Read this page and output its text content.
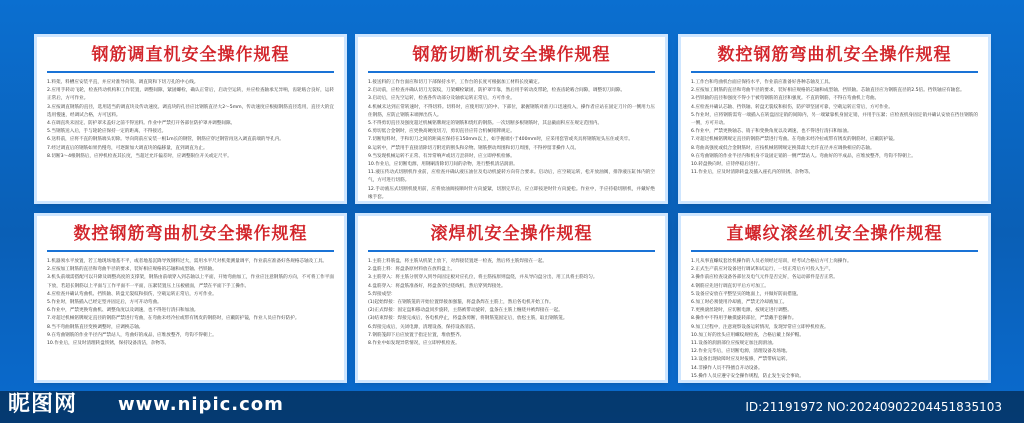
钢筋调直机安全操作规程

1.料架、料槽应安装平直，并应对准导向筒、调直筒和下切刀孔的中心线。

2.应用手转动飞轮，检查传动机构和工作装置，调整间隙，紧固螺栓，确认正常后，启动空运转，并应检查轴承无异响，齿轮啮合良好，运转正常后，方可作业。

3.应按调直钢筋的直径，选用适当的调直块及传动速度。调直块的孔径应比钢筋直径大2～5mm，传动速度应根据钢筋直径选用，直径大的宜选用慢速，经调试合格，方可送料。

4.在调直块未固定、防护罩未盖好之前不得送料。作业中严禁打开各部位防护罩并调整间隙。

5.当钢筋送入后，手与轮轮应保持一定的距离，不得接近。

6.送料前，应将不直的钢筋端头切除。导向筒前应安装一根1m长的钢管，钢筋应穿过钢管再送入调直前端的导孔内。

7.经过调直后的钢筋如果仍慢弯，可逐渐加大调直块的偏移量，直到调直为止。

8.切断3～4根钢筋后，应停机检查其长度，当超过允许偏差时，应调整限位开关或定尺平。

钢筋切断机安全操作规程

1.接送料的工作台面应和切刀下部保持水平，工作台的长度可根据加工材料长度确定。

2.启动前，应检查并确认切刀无裂纹，刀架螺栓紧固，防护罩牢靠，然后用手转动皮带轮，检查齿轮啮合间隙，调整切刀间隙。

3.启动后，应先空运转，检查各传动部分及轴承运转正常后，方可作业。

4.机械未达到正常转速时，不得切料。切料时，应使用切刀的中、下部位，紧握钢筋对准刃口迅速投入，操作者应站在固定刀片的一侧用力压住钢筋，应防止钢筋末端弹出伤人。

5.不得剪切直径及强度超过机械铭牌规定的钢筋和烧红的钢筋。一次切断多根钢筋时，其总截面积应在规定范围内。

6.剪切低合金钢时，应更换高硬度切刀，剪切直径应符合机械铭牌规定。

7.切断短料时，手和切刀之间的距离应保持在150mm以上，如手握端小于400mm时，应采用套管或夹具将钢筋短头压住或夹牢。

8.运转中，严禁用手直接清除切刀附近的断头和杂物。钢筋摆动周围和切刀周围，不得停留非操作人员。

9.当发现机械运转不正常、有异常响声或切刀歪斜时，应立即停机检修。

10.作业后，应切断电源，用钢刷清除切刀间的杂物，进行整机清洁润滑。

11.液压传动式切断机作业前，应检查并确认液压油位及电动机旋转方向符合要求。启动后，应空载运转，松开放油阀，排净液压缸体内的空气，方可进行切筋。

12.手动液压式切断机使用前，应将放油阀按顺时针方向旋紧，切割完毕后，应立即按逆时针方向旋松。作业中，手应持稳切断机，并戴好绝缘手套。

数控钢筋弯曲机安全操作规程

1.工作台和弯曲机台面应保持水平，作业前应准备好各种芯轴及工具。

2.应按加工钢筋的直径和弯曲半径的要求，装好相应规格的芯轴和成型轴、挡铁轴。芯轴直径应为钢筋直径的2.5倍。挡铁轴应有轴套。

3.挡铁轴的直径和强度不得小于被弯钢筋的直径和强度。不直的钢筋，不得在弯曲机上弯曲。

4.应检查并确认芯轴、挡铁轴、转盘无裂纹和损伤，防护罩坚固可靠，空载运转正常后，方可作业。

5.作业时，应将钢筋需弯一端插入在转盘固定销的间隙内，另一端紧靠机身固定销，并用手压紧；应检查机身固定销并确认安放在挡住钢筋的一侧，方可开动。

6.作业中，严禁更换轴芯、销子和变换角度以及调速，也不得进行清扫和加油。

7.对超过机械铭牌规定直径的钢筋严禁进行弯曲。在弯曲未经冷拉或带有锈皮的钢筋时，应戴防护镜。

8.弯曲高强度或低合金钢筋时，应按机械铭牌规定换算最大允许直径并应调换相应的芯轴。

9.在弯曲钢筋的作业半径内和机身不设固定销的一侧严禁站人。弯曲好的半成品，应堆放整齐，弯钩不得朝上。

10.转盘换向时，应待停稳后进行。

11.作业后，应及时清除转盘及插入座孔内的铁锈、杂物等。

数控钢筋弯曲机安全操作规程

1.机器须水平放置，若工地现场地基不平，或者地基沉降导致钢料过大，需用水平尺对机架测量调平，作业前应准备好各规格芯轴及工具。

2.应按加工钢筋的直径和弯曲半径的要求，装好相应规格的芯轴和成型轴、挡铁轴。

3.机头前端需搭配可以升降及调整高度的支撑架，钢筋由前端穿入到芯轴以上平面，开始弯曲加工，作业应注意钢筋的方向，不可将工作平面下放，若超长钢筋以上平面与工作平面不一平面，压紧装置压上压板板面，严禁在平面下手工操作。

4.应检查并确认弯曲机、挡铁轴、转盘无裂纹和损伤，空载运转正常后，方可作业。

5.作业时，钢筋插入已经定型并固定后，方可开动弯曲。

6.作业中，严禁更换弯曲机、调整角度以及调速，也不得进行清扫和加油。

7.对超过机械铭牌规定直径的钢筋严禁进行弯曲，在弯曲未经冷拉或带有锈皮的钢筋时，应戴防护镜，作业人员应作好防护。

8.当不弯曲钢筋直径变换调整时，应调换芯轴。

9.在弯曲钢筋的作业半径内严禁站人，弯曲好的成品，应堆放整齐，弯钩不得朝上。

10.作业后，应及时清理转盘铁锈，保持设备清洁，杂物等。

滚焊机安全操作规程

1.主筋上料筋盘，将主筋从机架上放下，对焊接装置逐一检查，然后将主筋焊接在一起。

2.盘筋上料：将盘条原材料放在放料盘上。

3.主筋穿入：将主筋分别穿入到导向固定板对应孔位，将主筋按原则盘绕，并从导向盘分出，用工具将主筋均匀。

4.盘筋穿入：将盘筋准备好，将盘条穿过绕线机，然后穿到焊接处。

5.焊接成型：

(1)起始焊接：在钢筋笼的开始位置焊接加强箍，将盘条焊在主筋上，然后各电机开始工作。

(2)正式焊接：固定盘和移动盘同步旋转，主筋被带动旋转，盘条在主筋上缠绕并被焊接在一起。

(3)结束焊接：焊接完成后，各电机停止，将盘条剪断，将钢筋笼固定后，放松主筋，取出钢筋笼。

6.焊接完成后，关闭电源，清理设备，保持设备清洁。

7.钢筋笼卸下后应放置于指定位置，堆放整齐。

8.作业中如发现异常情况，应立即停机检查。

直螺纹滚丝机安全操作规程

1.凡从事直螺纹套丝机操作的人员必须经过培训，经考试合格后方可上岗操作。

2.正式生产前应对设备进行调试和试运行，一切正常后方可投入生产。

3.操作前应检查设备各部位及电气元件是否完好，各运动部件是否正常。

4.钢筋应先进行调直切平后方可加工。

5.设备应安放在平整坚实的地面上，并做好防雨措施。

6.加工时必须使用冷却液，严禁无冷却液加工。

7.更换滚丝轮时，应切断电源，按规定进行调整。

8.操作中不得用手触摸旋转部位，严禁戴手套操作。

9.加工过程中，注意观察设备运转情况，发现异常应立即停机检查。

10.加工好的丝头应用螺纹规检查，合格后戴上保护帽。

11.设备的润滑部位应按规定加注润滑油。

12.作业完毕后，应切断电源，清理设备及场地。

13.设备出现故障时应及时报修，严禁带病运转。

14.非操作人员不得擅自开动设备。

15.操作人员应遵守安全操作规程，防止发生安全事故。

昵图网 www.nipic.com	ID:21191972 NO:20240902204451835103
